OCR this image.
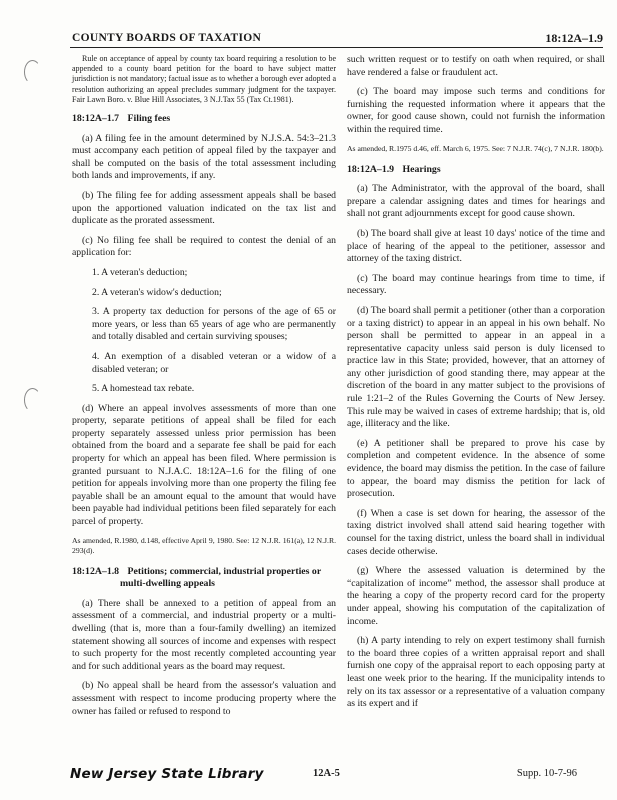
COUNTY BOARDS OF TAXATION	18:12A–1.9

Rule on acceptance of appeal by county tax board requiring a resolution to be appended to a county board petition for the board to have subject matter jurisdiction is not mandatory; factual issue as to whether a borough ever adopted a resolution authorizing an appeal precludes summary judgment for the taxpayer. Fair Lawn Boro. v. Blue Hill Associates, 3 N.J.Tax 55 (Tax Ct.1981).

18:12A–1.7 Filing fees

(a) A filing fee in the amount determined by N.J.S.A. 54:3–21.3 must accompany each petition of appeal filed by the taxpayer and shall be computed on the basis of the total assessment including both lands and improvements, if any.

(b) The filing fee for adding assessment appeals shall be based upon the apportioned valuation indicated on the tax list and duplicate as the prorated assessment.

(c) No filing fee shall be required to contest the denial of an application for:

1. A veteran's deduction;

2. A veteran's widow's deduction;

3. A property tax deduction for persons of the age of 65 or more years, or less than 65 years of age who are permanently and totally disabled and certain surviving spouses;

4. An exemption of a disabled veteran or a widow of a disabled veteran; or

5. A homestead tax rebate.

(d) Where an appeal involves assessments of more than one property, separate petitions of appeal shall be filed for each property separately assessed unless prior permission has been obtained from the board and a separate fee shall be paid for each property for which an appeal has been filed. Where permission is granted pursuant to N.J.A.C. 18:12A–1.6 for the filing of one petition for appeals involving more than one property the filing fee payable shall be an amount equal to the amount that would have been payable had individual petitions been filed separately for each parcel of property.

As amended, R.1980, d.148, effective April 9, 1980. See: 12 N.J.R. 161(a), 12 N.J.R. 293(d).

18:12A–1.8 Petitions; commercial, industrial properties or multi-dwelling appeals

(a) There shall be annexed to a petition of appeal from an assessment of a commercial, and industrial property or a multi-dwelling (that is, more than a four-family dwelling) an itemized statement showing all sources of income and expenses with respect to such property for the most recently completed accounting year and for such additional years as the board may request.

(b) No appeal shall be heard from the assessor's valuation and assessment with respect to income producing property where the owner has failed or refused to respond to

such written request or to testify on oath when required, or shall have rendered a false or fraudulent act.

(c) The board may impose such terms and conditions for furnishing the requested information where it appears that the owner, for good cause shown, could not furnish the information within the required time.

As amended, R.1975 d.46, eff. March 6, 1975. See: 7 N.J.R. 74(c), 7 N.J.R. 180(b).

18:12A–1.9 Hearings

(a) The Administrator, with the approval of the board, shall prepare a calendar assigning dates and times for hearings and shall not grant adjournments except for good cause shown.

(b) The board shall give at least 10 days' notice of the time and place of hearing of the appeal to the petitioner, assessor and attorney of the taxing district.

(c) The board may continue hearings from time to time, if necessary.

(d) The board shall permit a petitioner (other than a corporation or a taxing district) to appear in an appeal in his own behalf. No person shall be permitted to appear in an appeal in a representative capacity unless said person is duly licensed to practice law in this State; provided, however, that an attorney of any other jurisdiction of good standing there, may appear at the discretion of the board in any matter subject to the provisions of rule 1:21–2 of the Rules Governing the Courts of New Jersey. This rule may be waived in cases of extreme hardship; that is, old age, illiteracy and the like.

(e) A petitioner shall be prepared to prove his case by completion and competent evidence. In the absence of some evidence, the board may dismiss the petition. In the case of failure to appear, the board may dismiss the petition for lack of prosecution.

(f) When a case is set down for hearing, the assessor of the taxing district involved shall attend said hearing together with counsel for the taxing district, unless the board shall in individual cases decide otherwise.

(g) Where the assessed valuation is determined by the “capitalization of income” method, the assessor shall produce at the hearing a copy of the property record card for the property under appeal, showing his computation of the capitalization of income.

(h) A party intending to rely on expert testimony shall furnish to the board three copies of a written appraisal report and shall furnish one copy of the appraisal report to each opposing party at least one week prior to the hearing. If the municipality intends to rely on its tax assessor or a representative of a valuation company as its expert and if

New Jersey State Library	12A-5	Supp. 10-7-96
